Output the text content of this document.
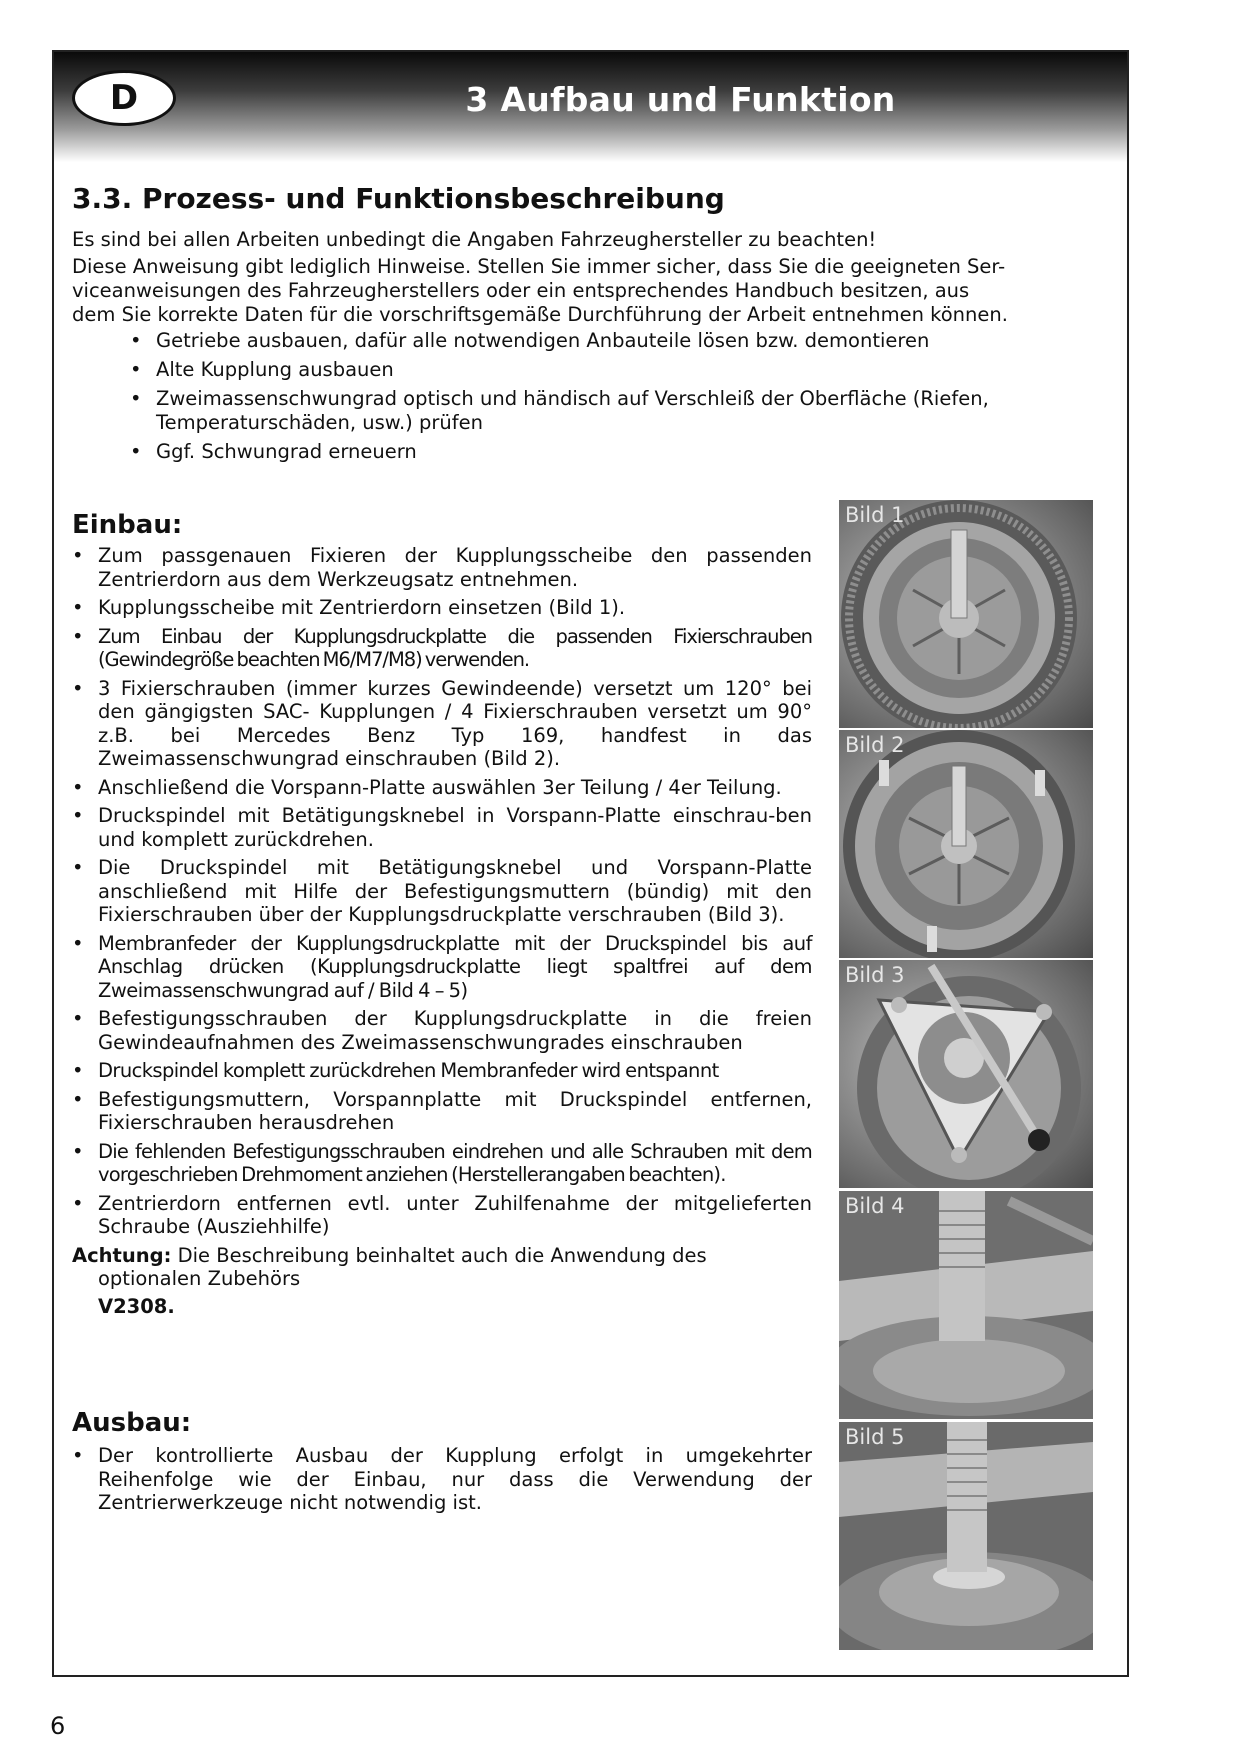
D	3 Aufbau und Funktion
3.3. Prozess- und Funktionsbeschreibung

Es sind bei allen Arbeiten unbedingt die Angaben Fahrzeughersteller zu beachten!

Diese Anweisung gibt lediglich Hinweise. Stellen Sie immer sicher, dass Sie die geeigneten Ser-
viceanweisungen des Fahrzeugherstellers oder ein entsprechendes Handbuch besitzen, aus
dem Sie korrekte Daten für die vorschriftsgemäße Durchführung der Arbeit entnehmen können.

• Getriebe ausbauen, dafür alle notwendigen Anbauteile lösen bzw. demontieren
• Alte Kupplung ausbauen
• Zweimassenschwungrad optisch und händisch auf Verschleiß der Oberfläche (Riefen, Temperaturschäden, usw.) prüfen
• Ggf. Schwungrad erneuern
Einbau:
• Zum passgenauen Fixieren der Kupplungsscheibe den passenden Zentrierdorn aus dem Werkzeugsatz entnehmen.
• Kupplungsscheibe mit Zentrierdorn einsetzen (Bild 1).
• Zum Einbau der Kupplungsdruckplatte die passenden Fixierschrauben (Gewindegröße beachten M6/M7/M8) verwenden.
• 3 Fixierschrauben (immer kurzes Gewindeende) versetzt um 120° bei den gängigsten SAC- Kupplungen / 4 Fixierschrauben versetzt um 90° z.B. bei Mercedes Benz Typ 169, handfest in das Zweimassenschwungrad einschrauben (Bild 2).
• Anschließend die Vorspann-Platte auswählen 3er Teilung / 4er Teilung.
• Druckspindel mit Betätigungsknebel in Vorspann-Platte einschrau-ben und komplett zurückdrehen.
• Die Druckspindel mit Betätigungsknebel und Vorspann-Platte anschließend mit Hilfe der Befestigungsmuttern (bündig) mit den Fixierschrauben über der Kupplungsdruckplatte verschrauben (Bild 3).
• Membranfeder der Kupplungsdruckplatte mit der Druckspindel bis auf Anschlag drücken (Kupplungsdruckplatte liegt spaltfrei auf dem Zweimassenschwungrad auf / Bild 4 – 5)
• Befestigungsschrauben der Kupplungsdruckplatte in die freien Gewindeaufnahmen des Zweimassenschwungrades einschrauben
• Druckspindel komplett zurückdrehen Membranfeder wird entspannt
• Befestigungsmuttern, Vorspannplatte mit Druckspindel entfernen, Fixierschrauben herausdrehen
• Die fehlenden Befestigungsschrauben eindrehen und alle Schrauben mit dem vorgeschrieben Drehmoment anziehen (Herstellerangaben beachten).
• Zentrierdorn entfernen evtl. unter Zuhilfenahme der mitgelieferten Schraube (Ausziehhilfe)
Achtung: Die Beschreibung beinhaltet auch die Anwendung des
optionalen Zubehörs
V2308.
Ausbau:
• Der kontrollierte Ausbau der Kupplung erfolgt in umgekehrter Reihenfolge wie der Einbau, nur dass die Verwendung der Zentrierwerkzeuge nicht notwendig ist.
Bild 1
Bild 2
Bild 3
Bild 4
Bild 5
6
